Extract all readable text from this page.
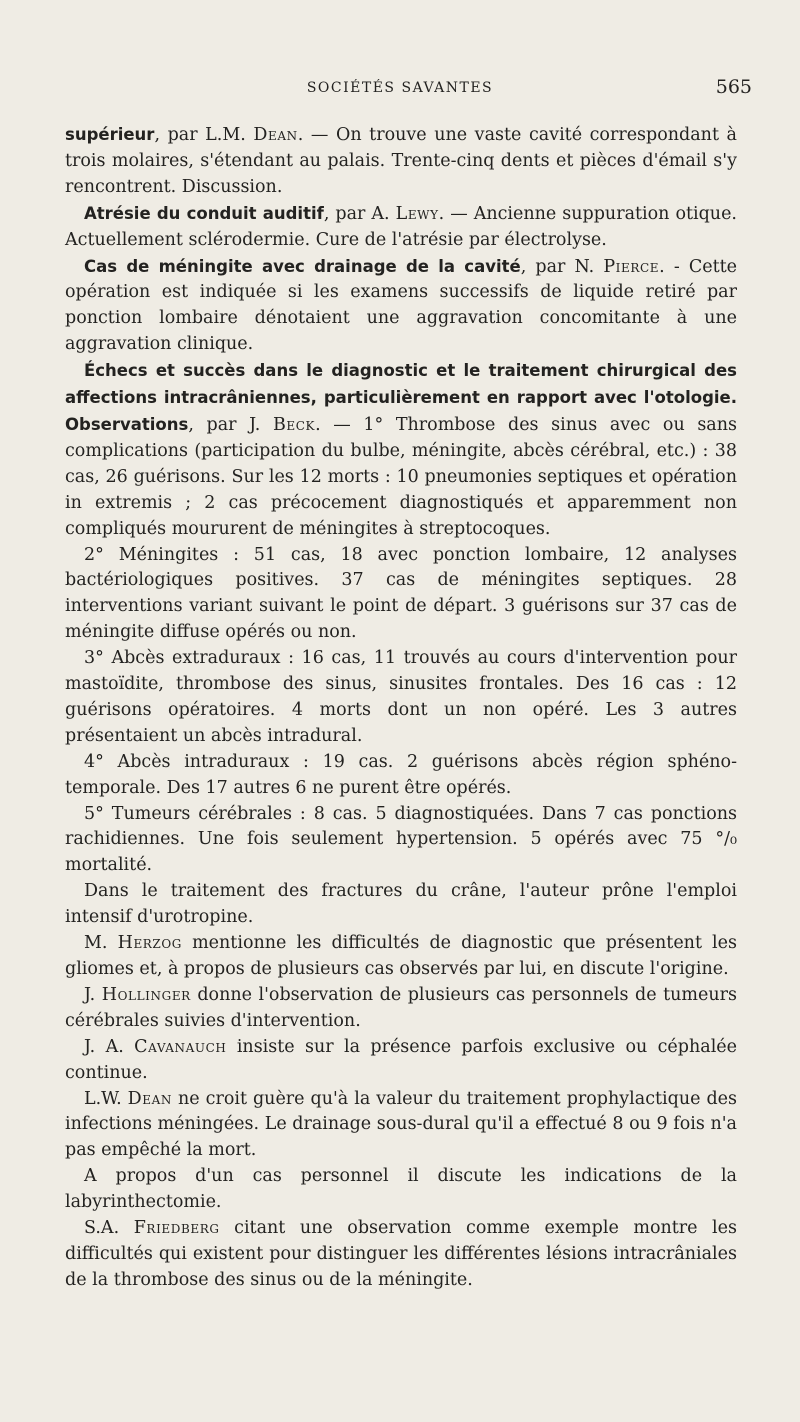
SOCIÉTÉS SAVANTES	565

supérieur, par L.M. Dean. — On trouve une vaste cavité correspondant à trois molaires, s'étendant au palais. Trente-cinq dents et pièces d'émail s'y rencontrent. Discussion.

Atrésie du conduit auditif, par A. Lewy. — Ancienne suppuration otique. Actuellement sclérodermie. Cure de l'atrésie par électrolyse.

Cas de méningite avec drainage de la cavité, par N. Pierce. - Cette opération est indiquée si les examens successifs de liquide retiré par ponction lombaire dénotaient une aggravation concomitante à une aggravation clinique.

Échecs et succès dans le diagnostic et le traitement chirurgical des affections intracrâniennes, particulièrement en rapport avec l'otologie. Observations, par J. Beck. — 1° Thrombose des sinus avec ou sans complications (participation du bulbe, méningite, abcès cérébral, etc.) : 38 cas, 26 guérisons. Sur les 12 morts : 10 pneumonies septiques et opération in extremis ; 2 cas précocement diagnostiqués et apparemment non compliqués moururent de méningites à streptocoques.

2° Méningites : 51 cas, 18 avec ponction lombaire, 12 analyses bactériologiques positives. 37 cas de méningites septiques. 28 interventions variant suivant le point de départ. 3 guérisons sur 37 cas de méningite diffuse opérés ou non.

3° Abcès extraduraux : 16 cas, 11 trouvés au cours d'intervention pour mastoïdite, thrombose des sinus, sinusites frontales. Des 16 cas : 12 guérisons opératoires. 4 morts dont un non opéré. Les 3 autres présentaient un abcès intradural.

4° Abcès intraduraux : 19 cas. 2 guérisons abcès région sphéno-temporale. Des 17 autres 6 ne purent être opérés.

5° Tumeurs cérébrales : 8 cas. 5 diagnostiquées. Dans 7 cas ponctions rachidiennes. Une fois seulement hypertension. 5 opérés avec 75 °/₀ mortalité.

Dans le traitement des fractures du crâne, l'auteur prône l'emploi intensif d'urotropine.

M. Herzog mentionne les difficultés de diagnostic que présentent les gliomes et, à propos de plusieurs cas observés par lui, en discute l'origine.

J. Hollinger donne l'observation de plusieurs cas personnels de tumeurs cérébrales suivies d'intervention.

J. A. Cavanauch insiste sur la présence parfois exclusive ou céphalée continue.

L.W. Dean ne croit guère qu'à la valeur du traitement prophylactique des infections méningées. Le drainage sous-dural qu'il a effectué 8 ou 9 fois n'a pas empêché la mort.

A propos d'un cas personnel il discute les indications de la labyrinthectomie.

S.A. Friedberg citant une observation comme exemple montre les difficultés qui existent pour distinguer les différentes lésions intracrâniales de la thrombose des sinus ou de la méningite.
